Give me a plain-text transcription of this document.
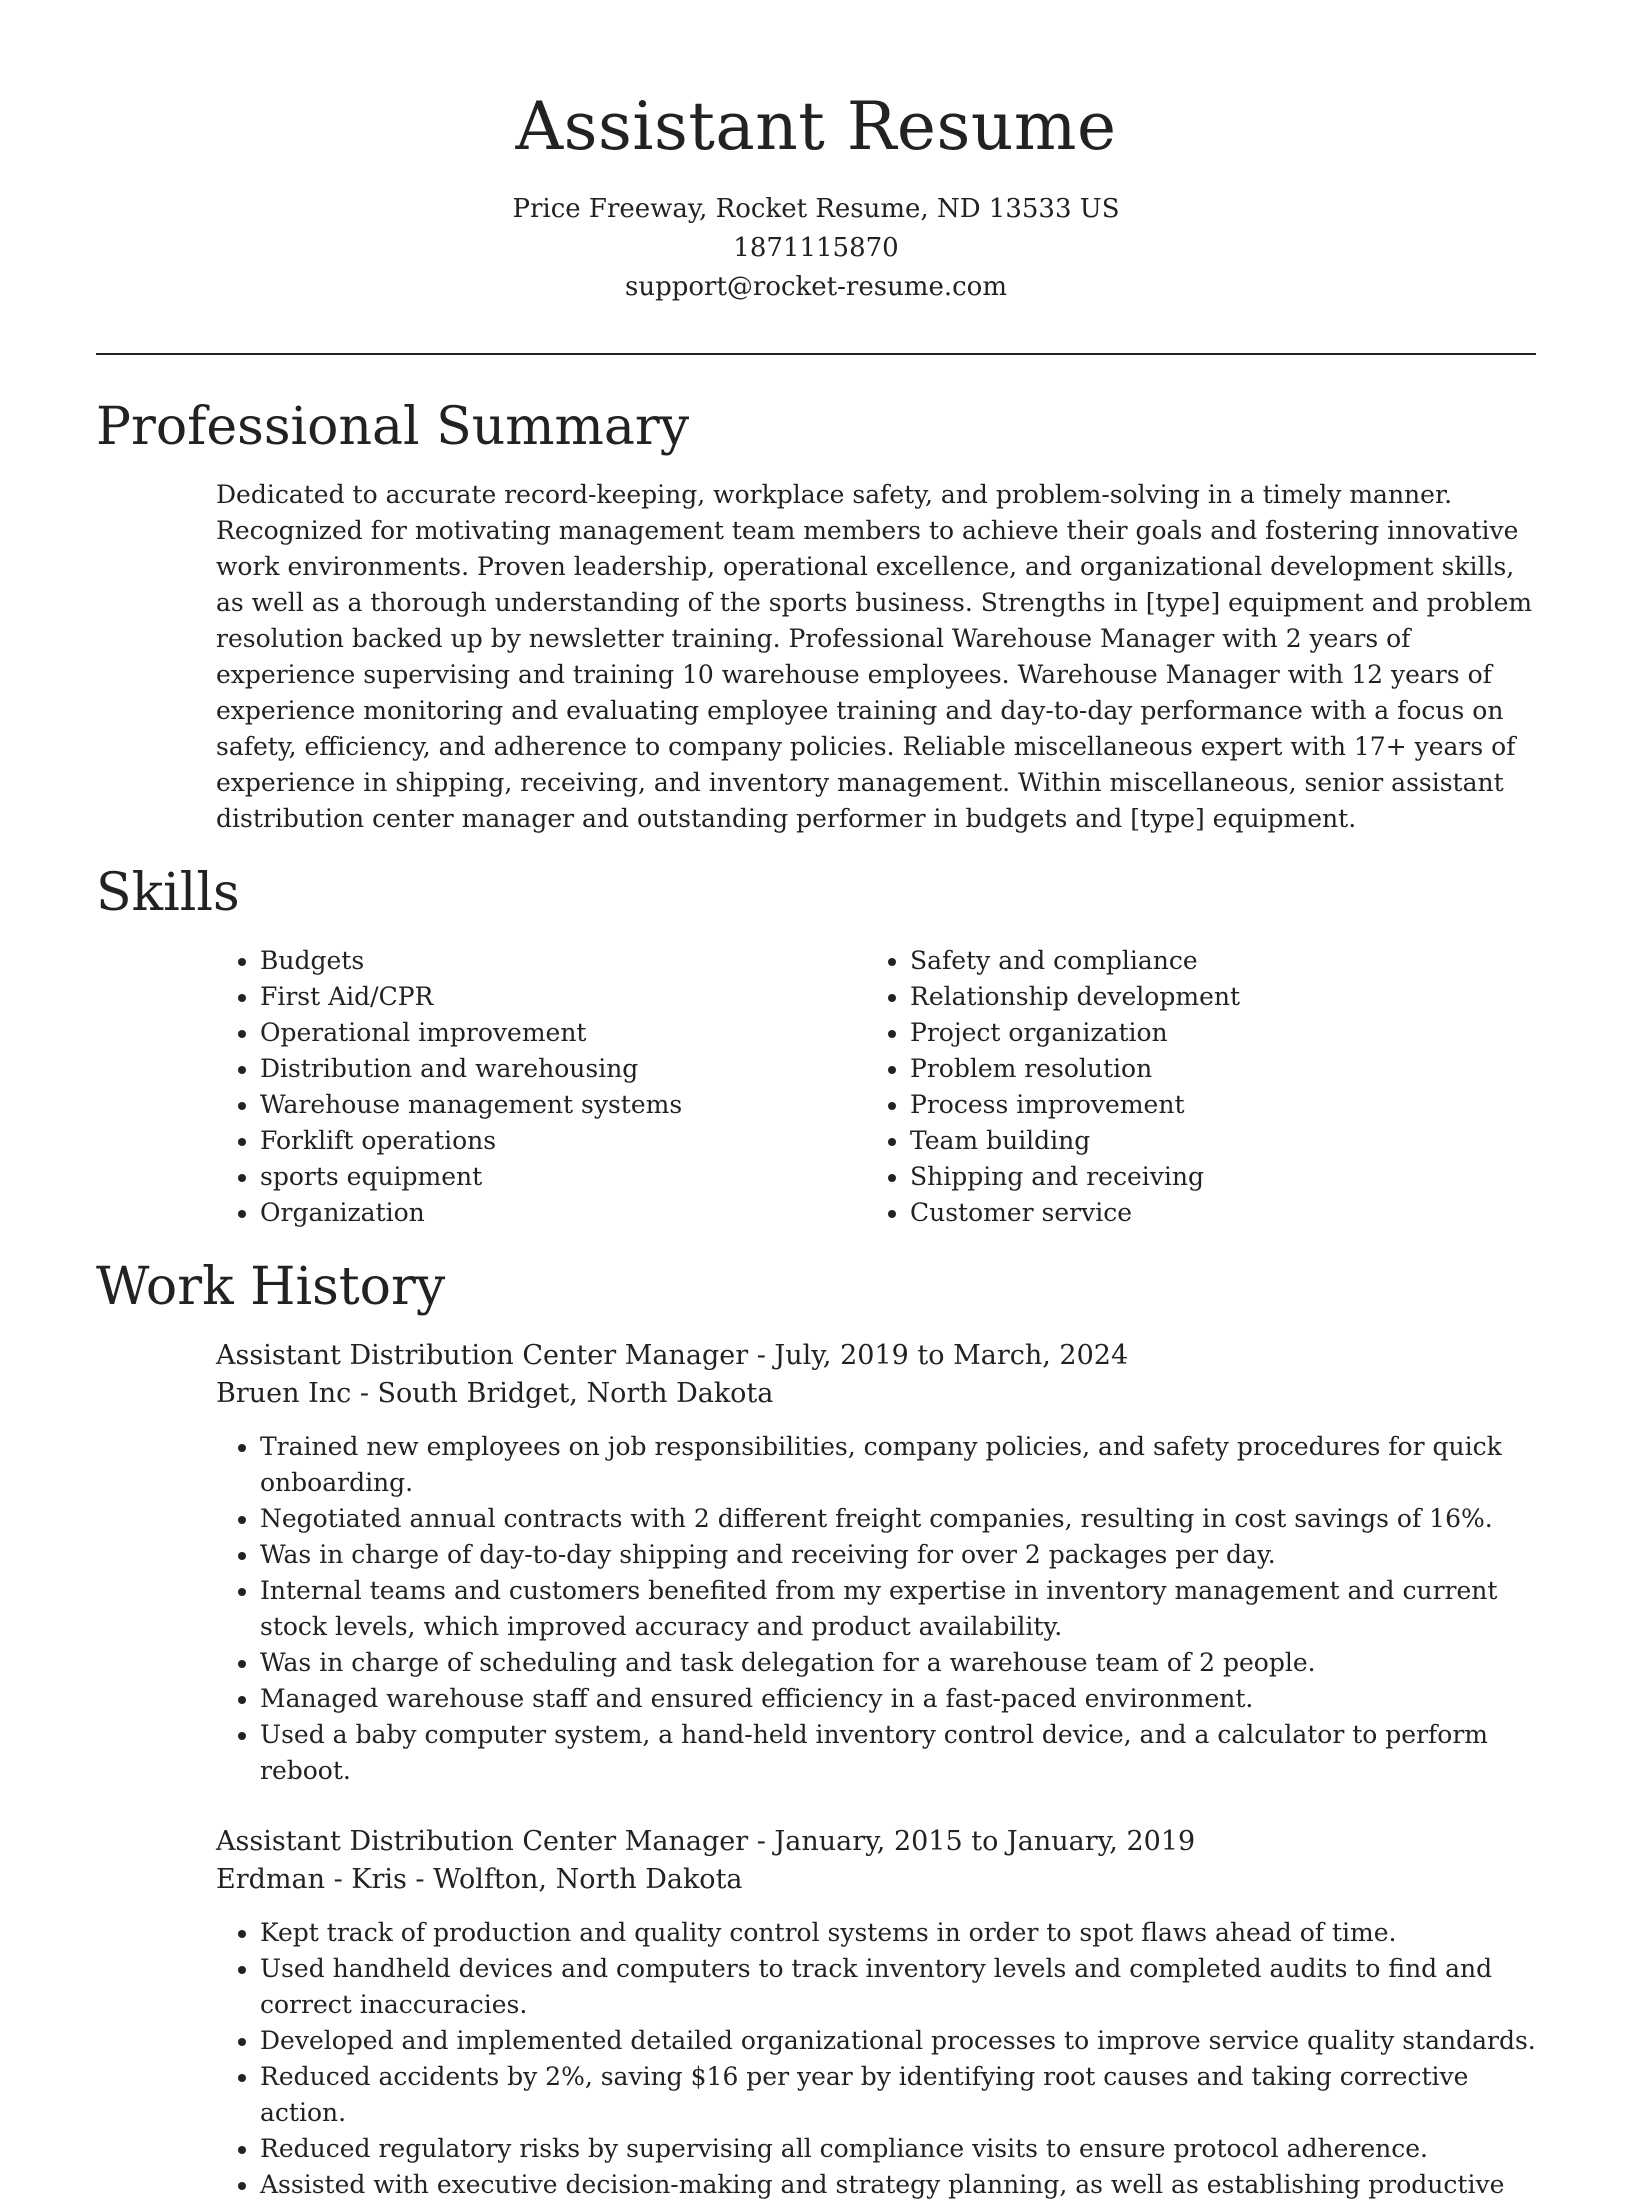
Assistant Resume
Price Freeway, Rocket Resume, ND 13533 US
1871115870
support@rocket-resume.com
Professional Summary
Dedicated to accurate record-keeping, workplace safety, and problem-solving in a timely manner. Recognized for motivating management team members to achieve their goals and fostering innovative work environments. Proven leadership, operational excellence, and organizational development skills, as well as a thorough understanding of the sports business. Strengths in [type] equipment and problem resolution backed up by newsletter training. Professional Warehouse Manager with 2 years of experience supervising and training 10 warehouse employees. Warehouse Manager with 12 years of experience monitoring and evaluating employee training and day-to-day performance with a focus on safety, efficiency, and adherence to company policies. Reliable miscellaneous expert with 17+ years of experience in shipping, receiving, and inventory management. Within miscellaneous, senior assistant distribution center manager and outstanding performer in budgets and [type] equipment.
Skills
• Budgets
• First Aid/CPR
• Operational improvement
• Distribution and warehousing
• Warehouse management systems
• Forklift operations
• sports equipment
• Organization
• Safety and compliance
• Relationship development
• Project organization
• Problem resolution
• Process improvement
• Team building
• Shipping and receiving
• Customer service
Work History
Assistant Distribution Center Manager - July, 2019 to March, 2024
Bruen Inc - South Bridget, North Dakota
• Trained new employees on job responsibilities, company policies, and safety procedures for quick onboarding.
• Negotiated annual contracts with 2 different freight companies, resulting in cost savings of 16%.
• Was in charge of day-to-day shipping and receiving for over 2 packages per day.
• Internal teams and customers benefited from my expertise in inventory management and current stock levels, which improved accuracy and product availability.
• Was in charge of scheduling and task delegation for a warehouse team of 2 people.
• Managed warehouse staff and ensured efficiency in a fast-paced environment.
• Used a baby computer system, a hand-held inventory control device, and a calculator to perform reboot.
Assistant Distribution Center Manager - January, 2015 to January, 2019
Erdman - Kris - Wolfton, North Dakota
• Kept track of production and quality control systems in order to spot flaws ahead of time.
• Used handheld devices and computers to track inventory levels and completed audits to find and correct inaccuracies.
• Developed and implemented detailed organizational processes to improve service quality standards.
• Reduced accidents by 2%, saving $16 per year by identifying root causes and taking corrective action.
• Reduced regulatory risks by supervising all compliance visits to ensure protocol adherence.
• Assisted with executive decision-making and strategy planning, as well as establishing productive
